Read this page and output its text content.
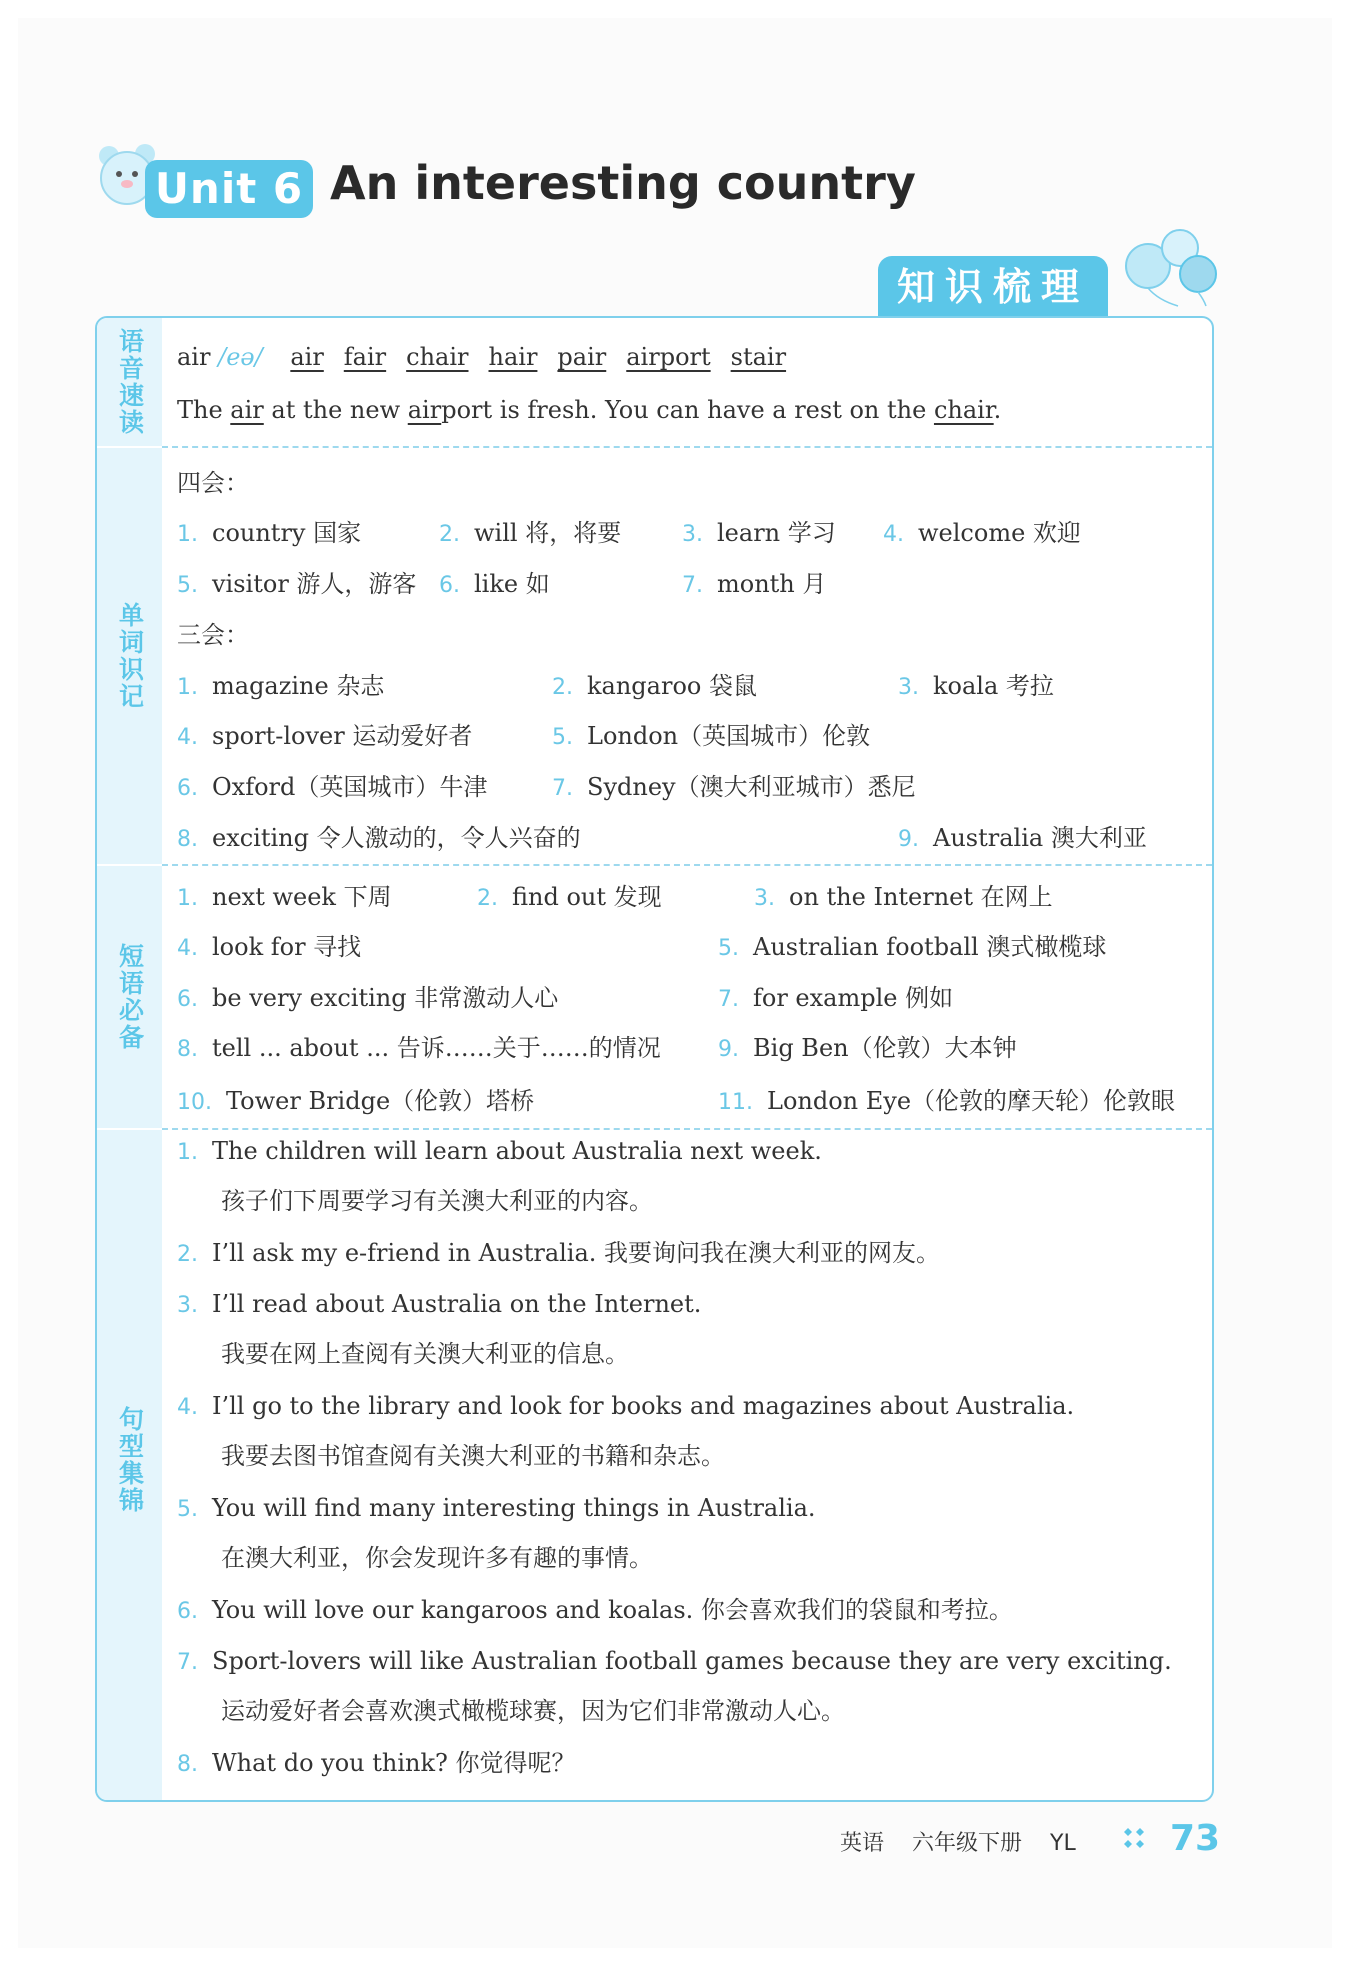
Unit 6 An interesting country
知识梳理
语音速读
单词识记
短语必备
句型集锦
air /eə/ air fair chair hair pair airport stair
The air at the new airport is fresh. You can have a rest on the chair.
四会：
1. country 国家	2. will 将，将要	3. learn 学习 4. welcome 欢迎
5. visitor 游人，游客 6. like 如	7. month 月
三会：
1. magazine 杂志	2. kangaroo 袋鼠	3. koala 考拉
4. sport-lover 运动爱好者	5. London（英国城市）伦敦
6. Oxford（英国城市）牛津	7. Sydney（澳大利亚城市）悉尼
8. exciting 令人激动的，令人兴奋的	9. Australia 澳大利亚
1. next week 下周	2. find out 发现	3. on the Internet 在网上
4. look for 寻找	5. Australian football 澳式橄榄球
6. be very exciting 非常激动人心	7. for example 例如
8. tell ... about ... 告诉……关于……的情况	9. Big Ben（伦敦）大本钟
10. Tower Bridge（伦敦）塔桥	11. London Eye（伦敦的摩天轮）伦敦眼
1. The children will learn about Australia next week.
孩子们下周要学习有关澳大利亚的内容。
2. I’ll ask my e-friend in Australia. 我要询问我在澳大利亚的网友。
3. I’ll read about Australia on the Internet.
我要在网上查阅有关澳大利亚的信息。
4. I’ll go to the library and look for books and magazines about Australia.
我要去图书馆查阅有关澳大利亚的书籍和杂志。
5. You will find many interesting things in Australia.
在澳大利亚，你会发现许多有趣的事情。
6. You will love our kangaroos and koalas. 你会喜欢我们的袋鼠和考拉。
7. Sport-lovers will like Australian football games because they are very exciting.
运动爱好者会喜欢澳式橄榄球赛，因为它们非常激动人心。
8. What do you think? 你觉得呢？
英语 六年级下册 YL	73
